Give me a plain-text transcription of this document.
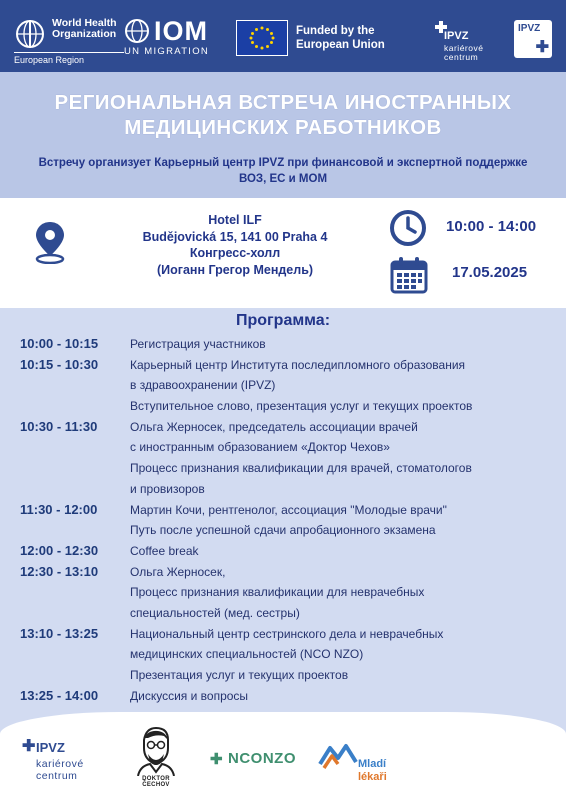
World Health Organization
European Region
IOM
UN MIGRATION
Funded by the European Union
IPVZ
kariérové centrum
IPVZ
✚
РЕГИОНАЛЬНАЯ ВСТРЕЧА ИНОСТРАННЫХ
МЕДИЦИНСКИХ РАБОТНИКОВ
Встречу организует Карьерный центр IPVZ при финансовой и экспертной поддержке
ВОЗ, ЕС и МОМ
Hotel ILF
Budějovická 15, 141 00 Praha 4
Конгресс-холл
(Иоганн Грегор Мендель)
10:00 - 14:00
17.05.2025
Программа:
10:00 - 10:15	Регистрация участников
10:15 - 10:30	Карьерный центр Института последипломного образования
в здравоохранении (IPVZ)
Вступительное слово, презентация услуг и текущих проектов
10:30 - 11:30	Ольга Жерносек, председатель ассоциации врачей
с иностранным образованием «Доктор Чехов»
Процесс признания квалификации для врачей, стоматологов
и провизоров
11:30 - 12:00	Мартин Кочи, рентгенолог, ассоциация "Молодые врачи"
Путь после успешной сдачи апробационного экзамена
12:00 - 12:30	Coffee break
12:30 - 13:10	Ольга Жерносек,
Процесс признания квалификации для неврачебных
специальностей (мед. сестры)
13:10 - 13:25	Национальный центр сестринского дела и неврачебных
медицинских специальностей (NCO NZO)
Презентация услуг и текущих проектов
13:25 - 14:00	Дискуссия и вопросы
✚ IPVZ
kariérové centrum	DOKTOR ČECHOV
✚ NCONZO	Mladí
lékaři
